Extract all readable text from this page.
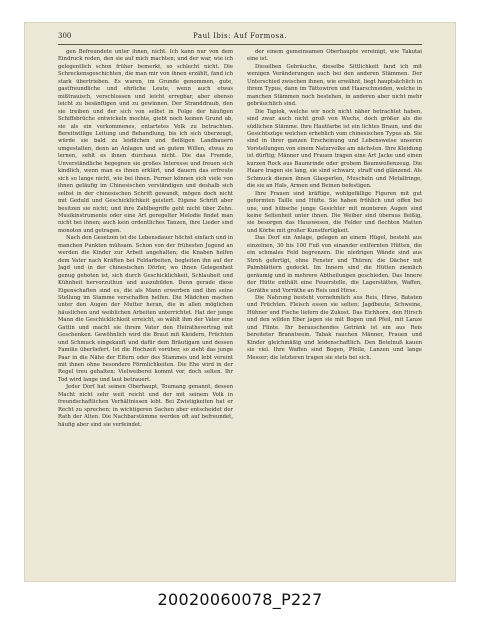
300	Paul Ibis: Auf Formosa.

gen Befreundete unter ihnen, nicht. Ich kann nur von dem Eindruck reden, den sie auf mich machten; und der war, wie ich gelegentlich schon früher bemerkt, so schlecht nicht. Die Schreckensgeschichten, die man mir von ihnen erzählt, fand ich stark übertrieben. Es waren, im Grunde genommen, gute, gastfreundliche und ehrliche Leute, wenn auch etwas mißtrauisch, verschlossen und leicht erregbar, aber ebenso leicht zu besänftigen und zu gewinnen. Der Stranddraub, den sie treiben und der sich von selbst in Folge der häufigen Schiffsbrüche entwickeln mochte, giebt noch keinen Grund ab, sie als ein verkommenes, entartetes Volk zu betrachten. Bereitwillige Leitung und Behandlung, bis ich sich überzeugt, würde sie bald zu leidlichen und fleißigen Landbauern umgestalten, denn an Anlagen und an gutem Willen, etwas zu lernen, sehlt es ihnen durchaus nicht. Die das Fremde, Unverständliche begegnen sie großes Interesse und freuen sich kindlich, wenn man es ihnen erklärt, und dauern das erfreute sich so lange nicht, wie bei ihnen. Ferner können sich viele von ihnen geläufig im Chinesischen verständigen und deshalb sich selbst in der chinesischen Schrift gewandt, mögen doch nicht mit Geduld und Geschicklichkeit geistert. Eigene Schrift aber besitzen sie nicht; und ihre Zahlbegriffe geht nicht über Zehn. Musikinstrumente oder eine Art geregelter Melodie findet man nicht bei ihnen; auch kein ordentliches Tanzen, ihre Lieder sind monoton und getragen.

Nach den Gesetzen ist die Lebensdauer höchst einfach und in manchen Punkten mühsam. Schon von der frühesten Jugend an werden die Kinder zur Arbeit angehalten; die Knaben helfen dem Vater nach Kräften bei Feldarbeiten, begleiten ihn auf der Jagd und in der chinesischen Dörfer, wo ihnen Gelegenheit genug geboten ist, sich durch Geschicklichkeit, Schlauheit und Kühnheit hervorzuthun und auszubilden. Denn gerade diese Eigenschaften sind es, die als Mann erwerben und ihm seine Stellung im Stamme verschaffen helfen. Die Mädchen machen unter den Augen der Mutter heran, die in allen möglichen häuslichen und weiblichen Arbeiten unterrichtet. Hat der junge Mann die Geschicklichkeit erreicht, so wählt ihm der Vater eine Gattin und macht sie ihrem Vater den Heirathsvertrag mit Geschenken. Gewöhnlich wird die Braut mit Kleidern, Früchten und Schmuck eingekauft und dafür dem Bräutigam und dessen Familie überliefert. Ist die Hochzeit vorüber, so zieht das junge Paar in die Nähe der Eltern oder des Stammes und lebt vereint mit ihnen ohne besondere Förmlichkeiten. Die Ehe wird in der Regel treu gehalten; Vielweiberei kommt vor, doch selten. Ihr Tod wird lange und laut betrauert.

Jeder Dorf hat seinen Oberhaupt, Toumang genannt, dessen Macht nicht sehr weit reicht und der mit seinem Volk in freundschaftlichen Verhältnissen lebt. Bei Zwistigkeiten hat er Recht zu sprechen; in wichtigeren Sachen aber entscheidet der Rath der Alten. Die Nachbarstämme werden oft auf befreundet, häufig aber sind sie verfeindet.

der einem gemeinsamen Oberhaupte vereinigt, wie Takutai eine ist.

Dieselben Gebräuche, dieselbe Sittlichkeit fand ich mit wenigen Veränderungen auch bei den anderen Stämmen. Der Unterschied zwischen ihnen, wie erwähnt, liegt hauptsächlich in ihrem Typus, dann im Tättowiren und Haarschneiden, welche in manchen Stämmen noch bestehen, in anderen aber nicht mehr gebräuchlich sind.

Die Tapiok, welche wir noch nicht näher betrachtet haben, sind zwar auch nicht groß von Wuchs, doch größer als die südlichen Stämme. Ihre Hautfarbe ist ein lichtes Braun, und die Gesichtszüge weichen erheblich vom chinesischen Typus ab. Sie sind in ihrer ganzen Erscheinung und Lebensweise unseren Vorstellungen von einem Naturvolke am nächsten. Ihre Kleidung ist dürftig; Männer und Frauen tragen eine Art Jacke und einen kurzen Rock aus Baumrinde oder grobem Baumwollenzeug. Die Haare tragen sie lang, sie sind schwarz, straff und glänzend. Als Schmuck dienen ihnen Glasperlen, Muscheln und Metallringe, die sie an Hals, Armen und Beinen befestigen.

Ihre Frauen sind kräftige, wohlgefällige Figuren mit gut geformten Taille und Hüfte. Sie haben fröhlich und offen bei uns, und hübsche junge Gesichter mit munteren Augen sind keine Seltenheit unter ihnen. Die Weiber sind überaus fleißig, sie besorgen das Hauswesen, die Felder und flechten Matten und Körbe mit großer Kunstfertigkeit.

Das Dorf ein Anlage, gelegen an einem Hügel, besteht aus einzelnen, 30 bis 100 Fuß von einander entfernten Hütten, die ein schmales Feld begrenzen. Die niedrigen Wände sind aus Stroh gefertigt, ohne Fenster und Thüren; die Dächer mit Palmblättern gedeckt. Im Innern sind die Hütten ziemlich geräumig und in mehrere Abtheilungen geschieden. Das Innere der Hütte enthält eine Feuerstelle, die Lagerstätten, Waffen, Geräthe und Vorräthe an Reis und Hirse.

Die Nahrung besteht vornehmlich aus Reis, Hirse, Bataten und Früchten. Fleisch essen sie selten; Jagdbeute, Schweine, Hühner und Fische liefern die Zukost. Das Eichhorn, den Hirsch und den wilden Eber jagen sie mit Bogen und Pfeil, mit Lanze und Flinte. Ihr berauschendes Getränk ist ein aus Reis bereiteter Branntwein. Tabak rauchen Männer, Frauen und Kinder gleichmäßig und leidenschaftlich. Den Betelnuß kauen sie viel. Ihre Waffen sind Bogen, Pfeile, Lanzen und lange Messer; die letzteren tragen sie stets bei sich.

20020060078_P227
